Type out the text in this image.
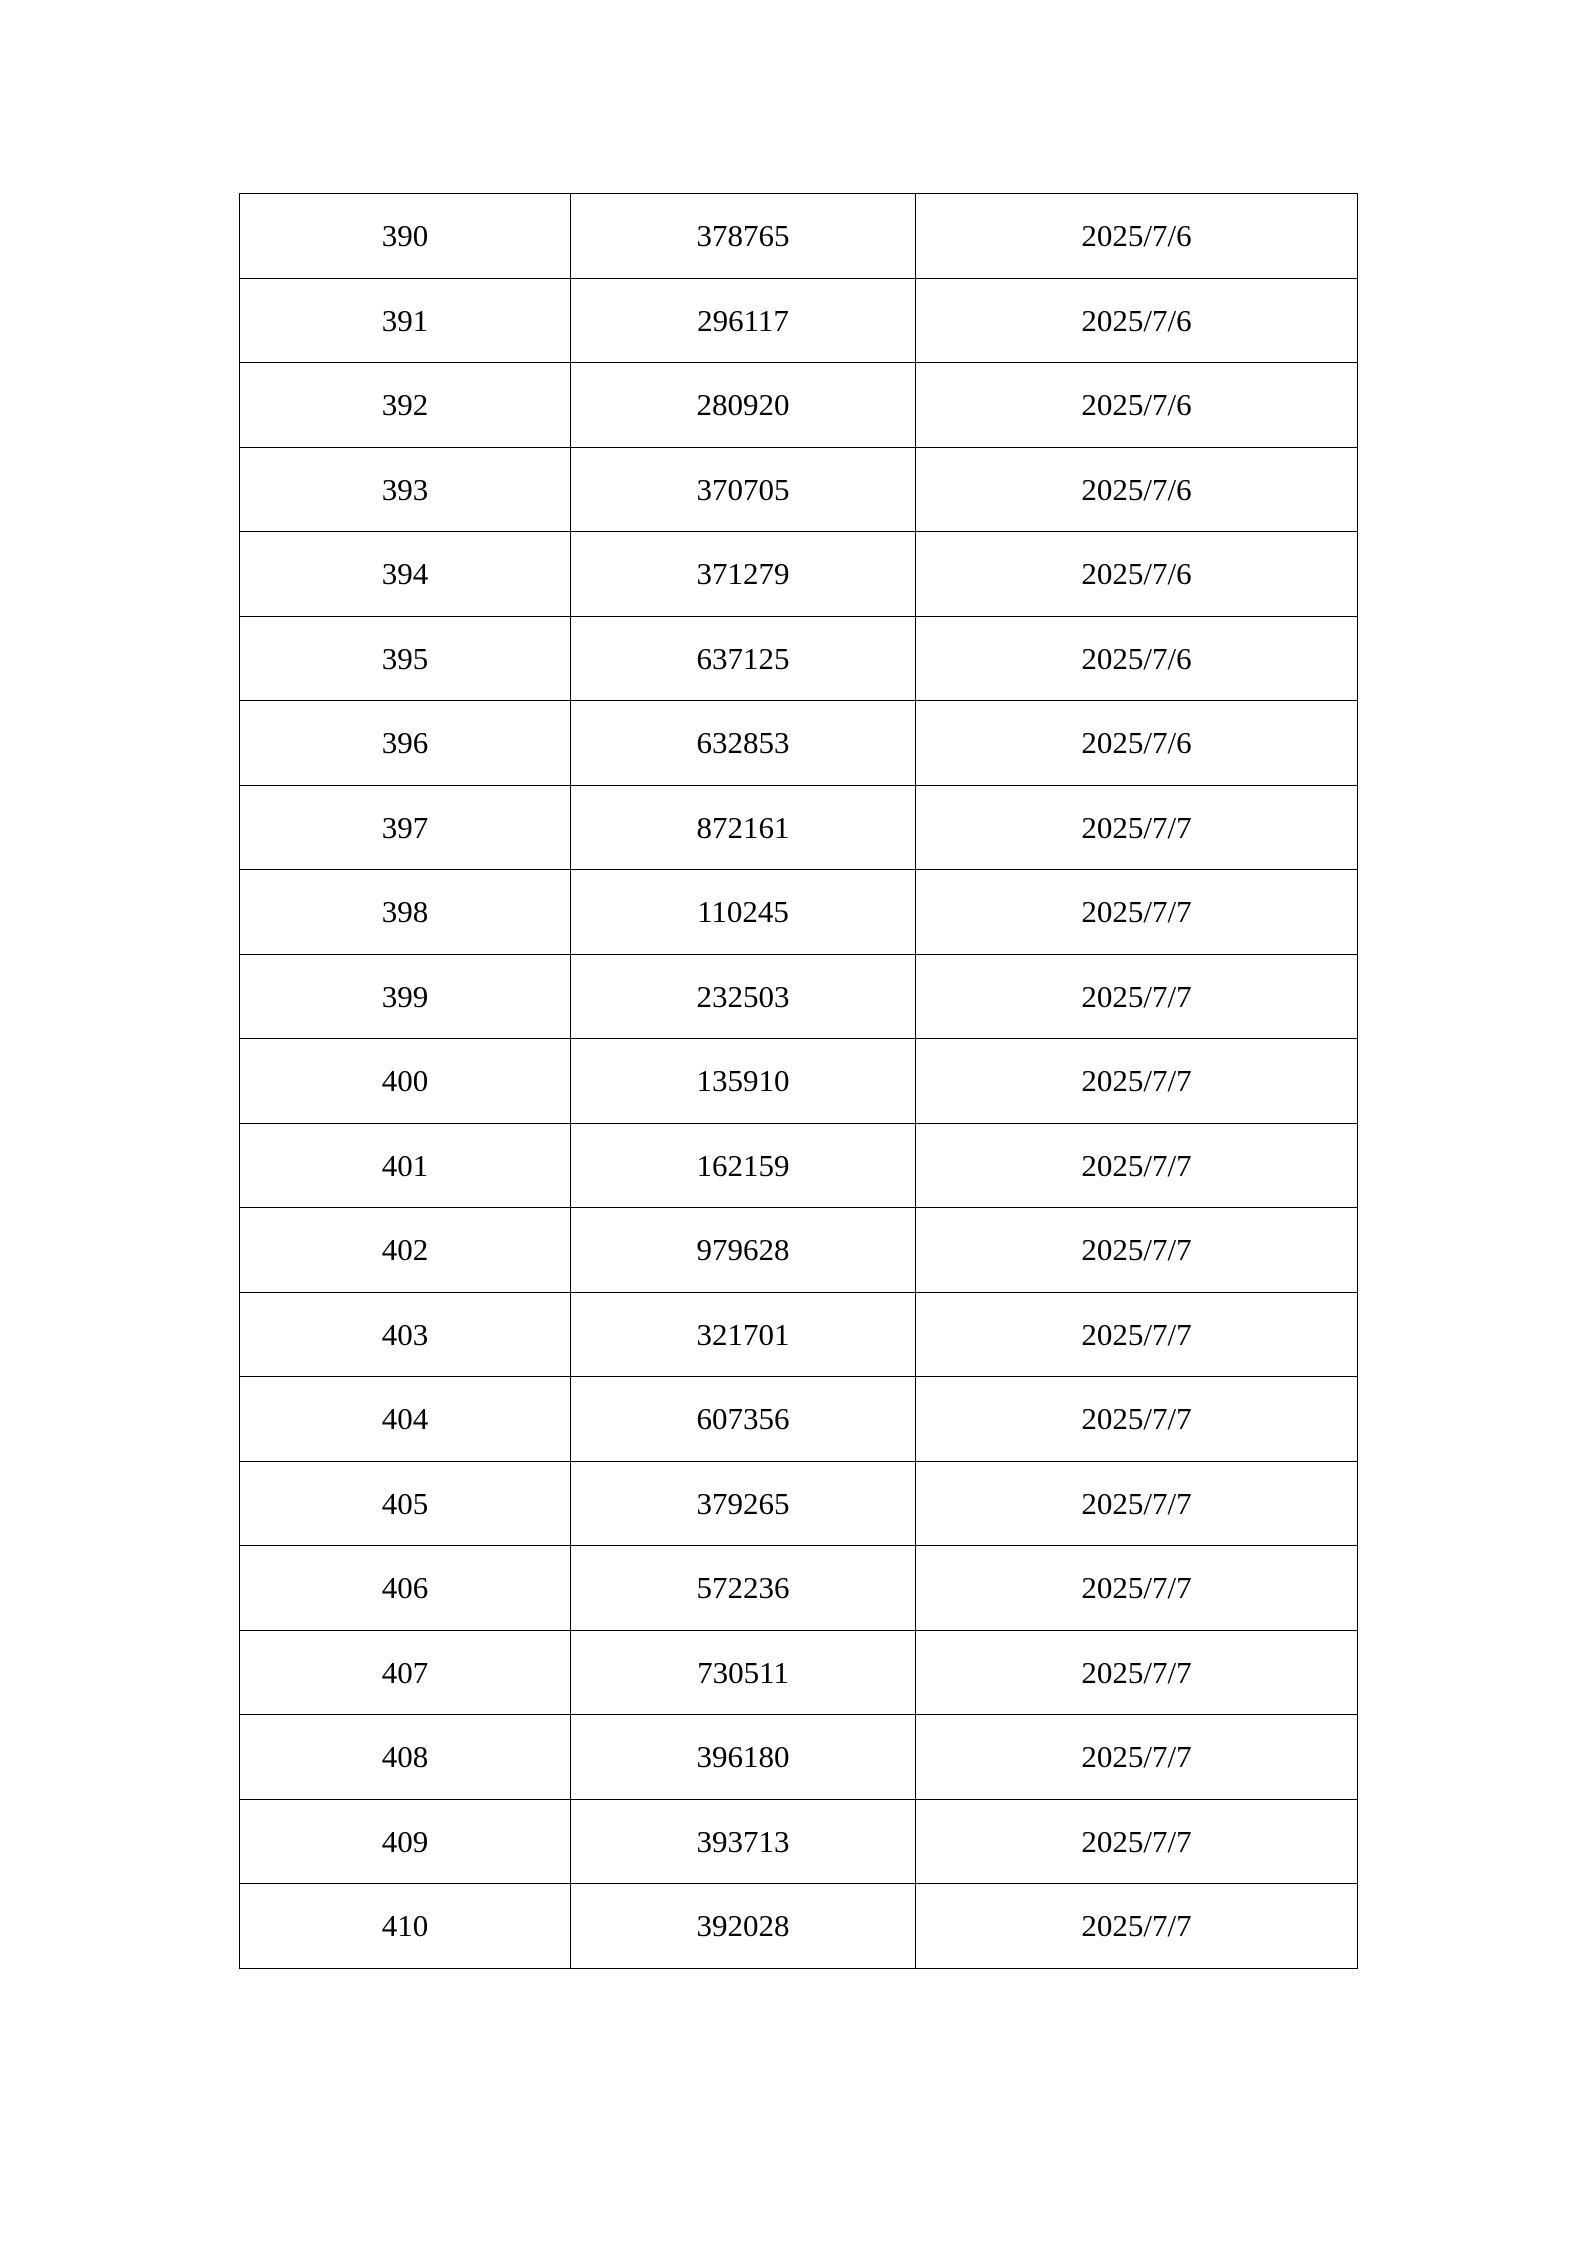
390	378765	2025/7/6
391	296117	2025/7/6
392	280920	2025/7/6
393	370705	2025/7/6
394	371279	2025/7/6
395	637125	2025/7/6
396	632853	2025/7/6
397	872161	2025/7/7
398	110245	2025/7/7
399	232503	2025/7/7
400	135910	2025/7/7
401	162159	2025/7/7
402	979628	2025/7/7
403	321701	2025/7/7
404	607356	2025/7/7
405	379265	2025/7/7
406	572236	2025/7/7
407	730511	2025/7/7
408	396180	2025/7/7
409	393713	2025/7/7
410	392028	2025/7/7
